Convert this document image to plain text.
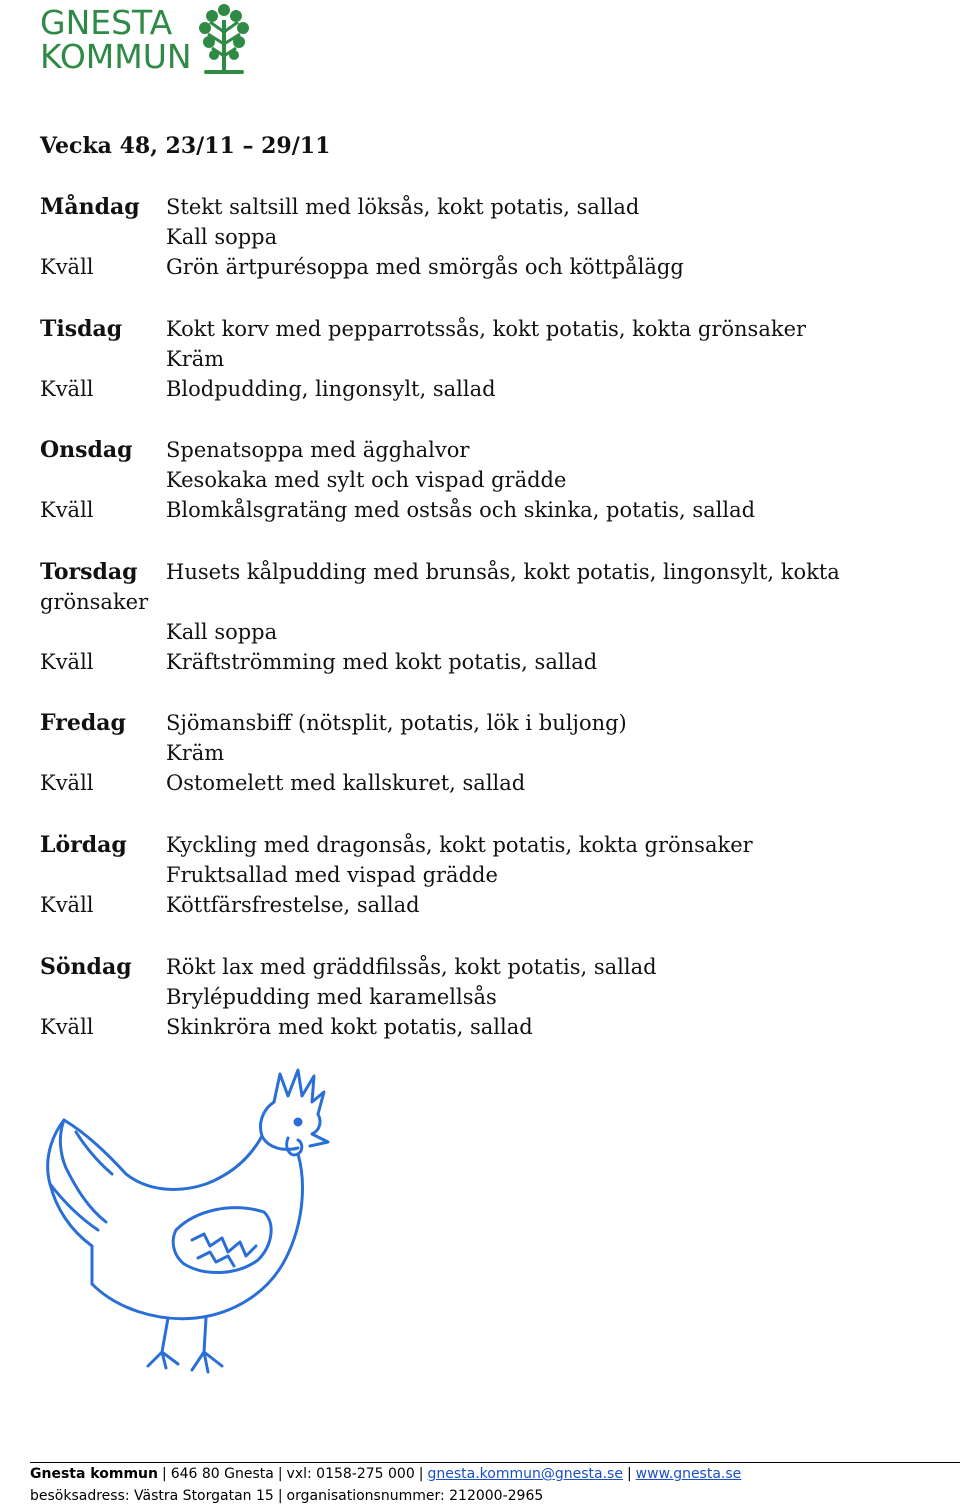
GNESTA
KOMMUN
Vecka 48, 23/11 – 29/11
Måndag Stekt saltsill med löksås, kokt potatis, sallad
Kall soppa
Kväll	Grön ärtpurésoppa med smörgås och köttpålägg
Tisdag Kokt korv med pepparrotssås, kokt potatis, kokta grönsaker
Kräm
Kväll	Blodpudding, lingonsylt, sallad
Onsdag Spenatsoppa med ägghalvor
Kesokaka med sylt och vispad grädde
Kväll	Blomkålsgratäng med ostsås och skinka, potatis, sallad
Torsdag Husets kålpudding med brunsås, kokt potatis, lingonsylt, kokta
grönsaker
Kall soppa
Kväll	Kräftströmming med kokt potatis, sallad
Fredag Sjömansbiff (nötsplit, potatis, lök i buljong)
Kräm
Kväll	Ostomelett med kallskuret, sallad
Lördag Kyckling med dragonsås, kokt potatis, kokta grönsaker
Fruktsallad med vispad grädde
Kväll	Köttfärsfrestelse, sallad
Söndag Rökt lax med gräddfilssås, kokt potatis, sallad
Brylépudding med karamellsås
Kväll	Skinkröra med kokt potatis, sallad
Gnesta kommun | 646 80 Gnesta | vxl: 0158-275 000 | gnesta.kommun@gnesta.se | www.gnesta.se
besöksadress: Västra Storgatan 15 | organisationsnummer: 212000-2965
